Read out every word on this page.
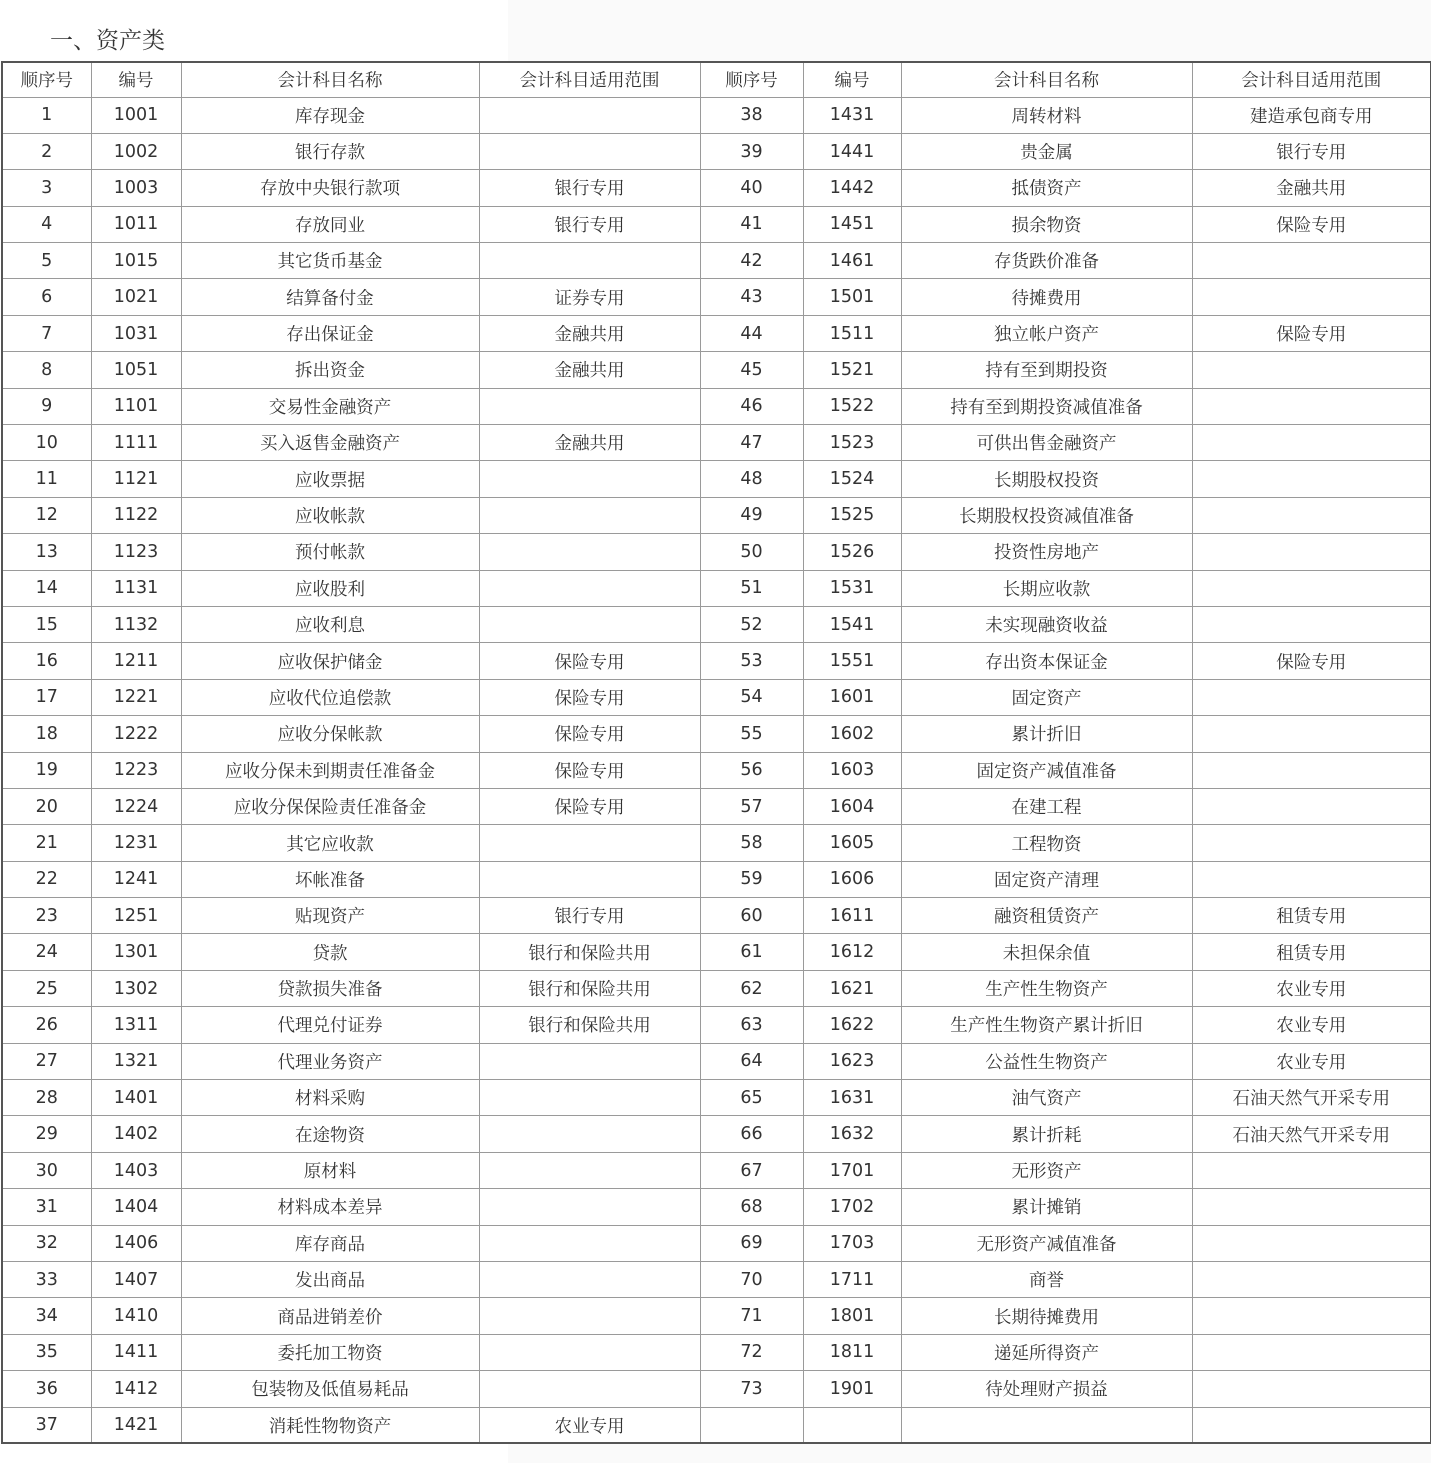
一、资产类
顺序号	编号	会计科目名称	会计科目适用范围	顺序号	编号	会计科目名称	会计科目适用范围
1	1001	库存现金		38	1431	周转材料	建造承包商专用
2	1002	银行存款		39	1441	贵金属	银行专用
3	1003	存放中央银行款项	银行专用	40	1442	抵债资产	金融共用
4	1011	存放同业	银行专用	41	1451	损余物资	保险专用
5	1015	其它货币基金		42	1461	存货跌价准备	
6	1021	结算备付金	证券专用	43	1501	待摊费用	
7	1031	存出保证金	金融共用	44	1511	独立帐户资产	保险专用
8	1051	拆出资金	金融共用	45	1521	持有至到期投资	
9	1101	交易性金融资产		46	1522	持有至到期投资减值准备	
10	1111	买入返售金融资产	金融共用	47	1523	可供出售金融资产	
11	1121	应收票据		48	1524	长期股权投资	
12	1122	应收帐款		49	1525	长期股权投资减值准备	
13	1123	预付帐款		50	1526	投资性房地产	
14	1131	应收股利		51	1531	长期应收款	
15	1132	应收利息		52	1541	未实现融资收益	
16	1211	应收保护储金	保险专用	53	1551	存出资本保证金	保险专用
17	1221	应收代位追偿款	保险专用	54	1601	固定资产	
18	1222	应收分保帐款	保险专用	55	1602	累计折旧	
19	1223	应收分保未到期责任准备金	保险专用	56	1603	固定资产减值准备	
20	1224	应收分保保险责任准备金	保险专用	57	1604	在建工程	
21	1231	其它应收款		58	1605	工程物资	
22	1241	坏帐准备		59	1606	固定资产清理	
23	1251	贴现资产	银行专用	60	1611	融资租赁资产	租赁专用
24	1301	贷款	银行和保险共用	61	1612	未担保余值	租赁专用
25	1302	贷款损失准备	银行和保险共用	62	1621	生产性生物资产	农业专用
26	1311	代理兑付证券	银行和保险共用	63	1622	生产性生物资产累计折旧	农业专用
27	1321	代理业务资产		64	1623	公益性生物资产	农业专用
28	1401	材料采购		65	1631	油气资产	石油天然气开采专用
29	1402	在途物资		66	1632	累计折耗	石油天然气开采专用
30	1403	原材料		67	1701	无形资产	
31	1404	材料成本差异		68	1702	累计摊销	
32	1406	库存商品		69	1703	无形资产减值准备	
33	1407	发出商品		70	1711	商誉	
34	1410	商品进销差价		71	1801	长期待摊费用	
35	1411	委托加工物资		72	1811	递延所得资产	
36	1412	包装物及低值易耗品		73	1901	待处理财产损益	
37	1421	消耗性物物资产	农业专用				
